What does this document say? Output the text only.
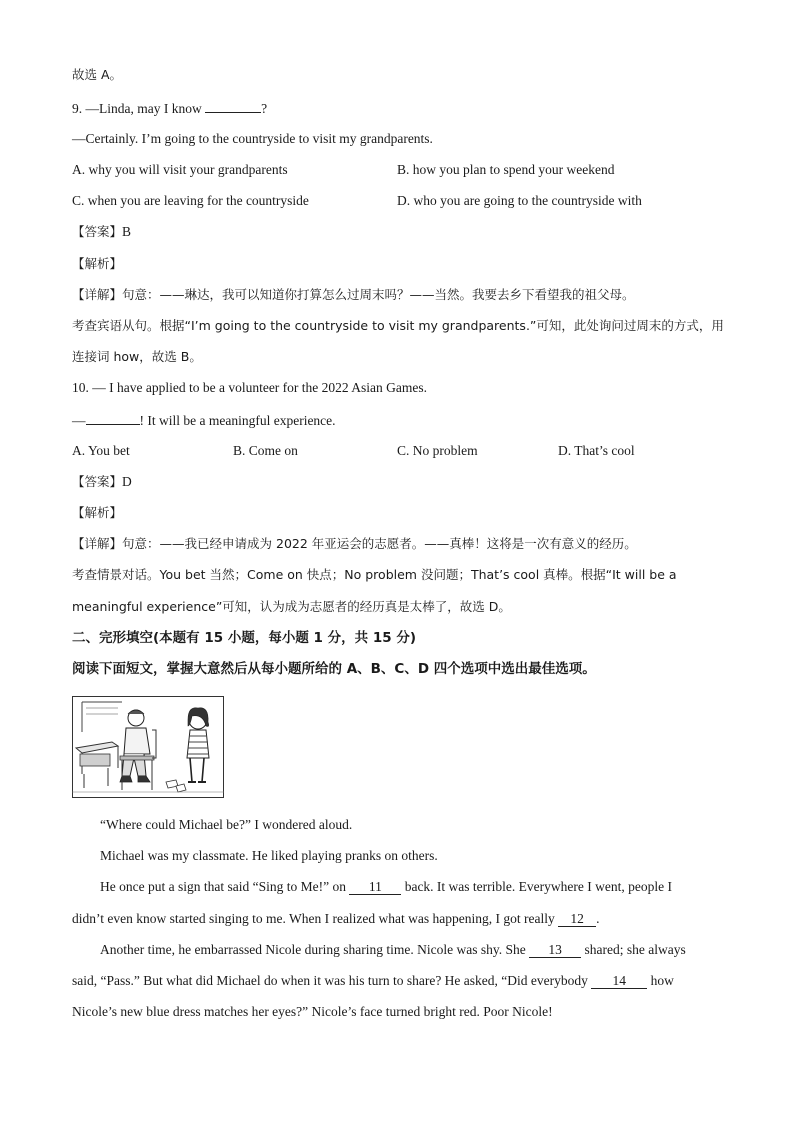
故选 A。
9. —Linda, may I know	?
—Certainly. I’m going to the countryside to visit my grandparents.
A. why you will visit your grandparents	B. how you plan to spend your weekend
C. when you are leaving for the countryside	D. who you are going to the countryside with
【答案】B
【解析】
【详解】句意：——琳达，我可以知道你打算怎么过周末吗？——当然。我要去乡下看望我的祖父母。
考查宾语从句。根据“I’m going to the countryside to visit my grandparents.”可知，此处询问过周末的方式，用
连接词 how，故选 B。
10. — I have applied to be a volunteer for the 2022 Asian Games.
—	! It will be a meaningful experience.
A. You bet	B. Come on	C. No problem	D. That’s cool
【答案】D
【解析】
【详解】句意：——我已经申请成为 2022 年亚运会的志愿者。——真棒！这将是一次有意义的经历。
考查情景对话。You bet 当然；Come on 快点；No problem 没问题；That’s cool 真棒。根据“It will be a
meaningful experience”可知，认为成为志愿者的经历真是太棒了，故选 D。
二、完形填空(本题有 15 小题，每小题 1 分，共 15 分)
阅读下面短文，掌握大意然后从每小题所给的 A、B、C、D 四个选项中选出最佳选项。
“Where could Michael be?” I wondered aloud.
Michael was my classmate. He liked playing pranks on others.
He once put a sign that said “Sing to Me!” on 11 back. It was terrible. Everywhere I went, people I
didn’t even know started singing to me. When I realized what was happening, I got really 12 .
Another time, he embarrassed Nicole during sharing time. Nicole was shy. She 13 shared; she always
said, “Pass.” But what did Michael do when it was his turn to share? He asked, “Did everybody 14 how
Nicole’s new blue dress matches her eyes?” Nicole’s face turned bright red. Poor Nicole!
